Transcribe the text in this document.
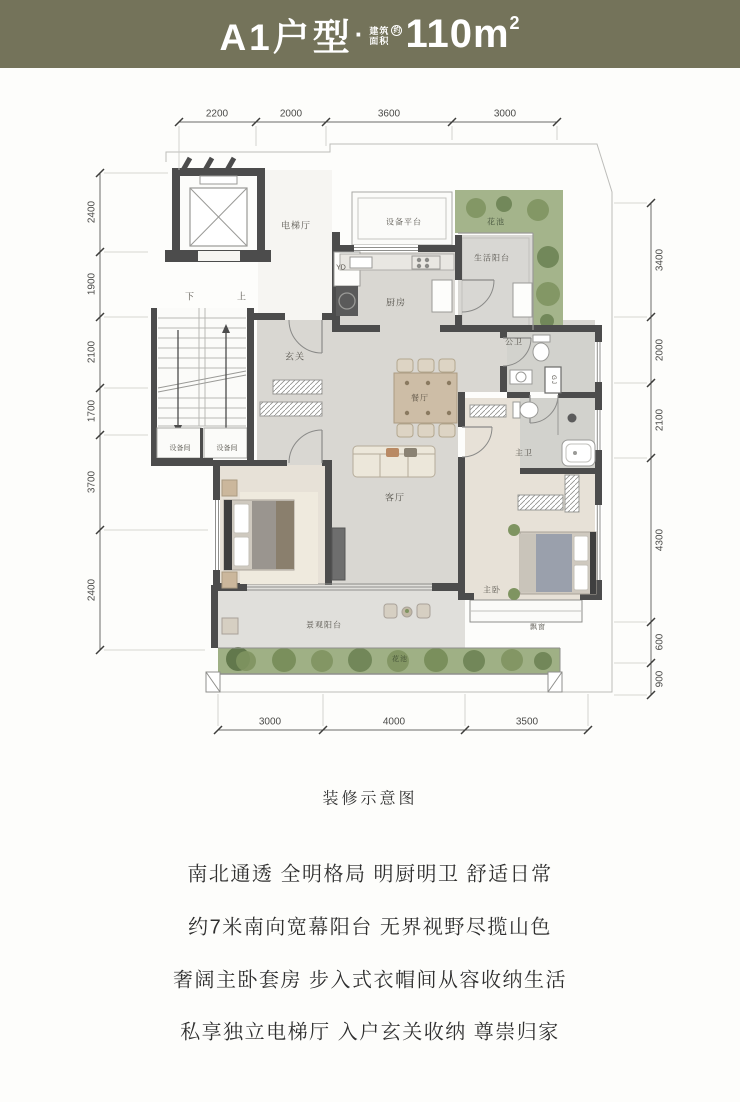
A1户型 · 建筑
面积
约 $110m^2$
2200	2000	3600	3000
2400
1900
2100
1700
3700
2400
3400
2000
2100
4300
600
900
3000	4000	3500
电梯厅	设备平台	花池
生活阳台
厨房
YD
玄关
公卫
餐厅
GJ
主卫
客厅
设备间	设备间
下	上
主卧
飘窗
景观阳台
花池
装修示意图
南北通透 全明格局 明厨明卫 舒适日常
约7米南向宽幕阳台 无界视野尽揽山色
奢阔主卧套房 步入式衣帽间从容收纳生活
私享独立电梯厅 入户玄关收纳 尊崇归家
